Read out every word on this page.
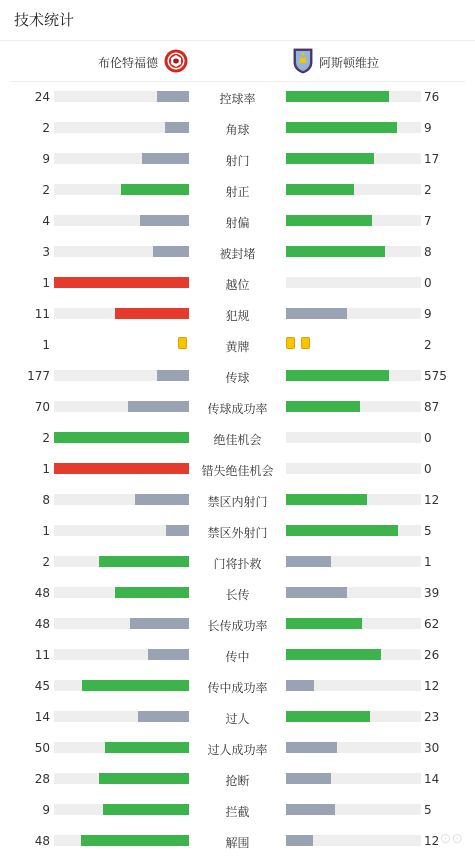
技术统计
布伦特福德	阿斯顿维拉
24	控球率	76
2	角球	9
9	射门	17
2	射正	2
4	射偏	7
3	被封堵	8
1	越位	0
11	犯规	9
1	黄牌	2
177	传球	575
70	传球成功率	87
2	绝佳机会	0
1	错失绝佳机会	0
8	禁区内射门	12
1	禁区外射门	5
2	门将扑救	1
48	长传	39
48	长传成功率	62
11	传中	26
45	传中成功率	12
14	过人	23
50	过人成功率	30
28	抢断	14
9	拦截	5
48	解围	12 ⊙⊙
